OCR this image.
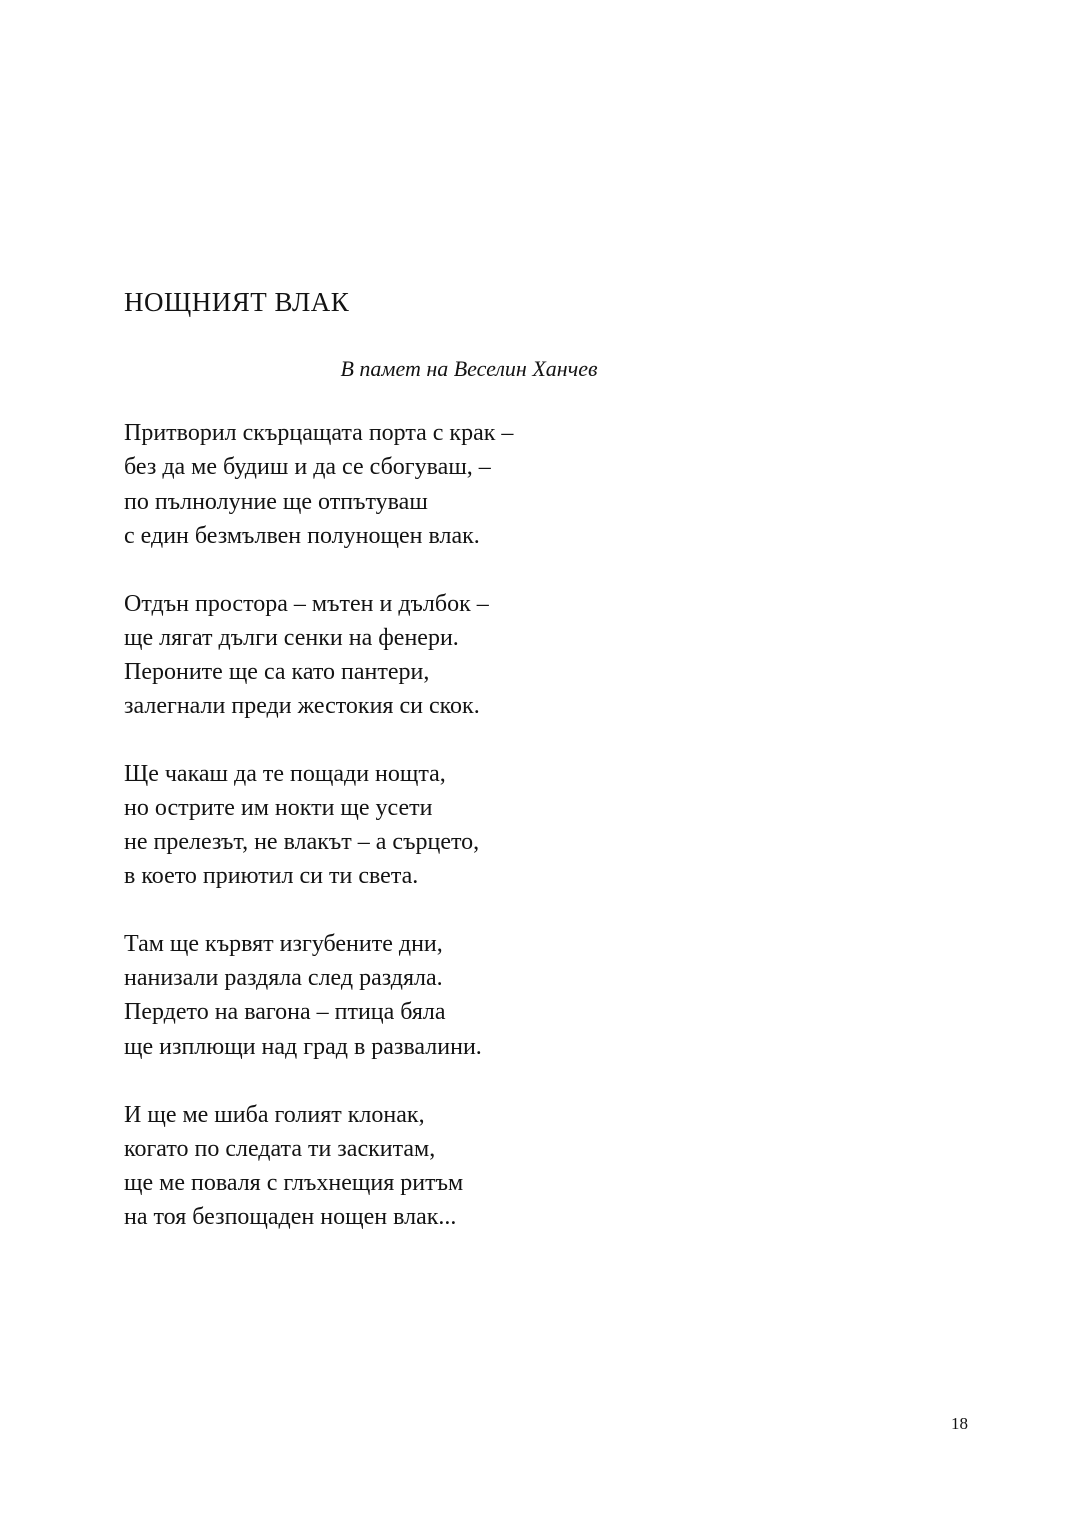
НОЩНИЯТ ВЛАК
В памет на Веселин Ханчев
Притворил скърцащата порта с крак –
без да ме будиш и да се сбогуваш, –
по пълнолуние ще отпътуваш
с един безмълвен полунощен влак.
Отдън простора – мътен и дълбок –
ще лягат дълги сенки на фенери.
Пероните ще са като пантери,
залегнали преди жестокия си скок.
Ще чакаш да те пощади нощта,
но острите им нокти ще усети
не прелезът, не влакът – а сърцето,
в което приютил си ти света.
Там ще кървят изгубените дни,
нанизали раздяла след раздяла.
Пердето на вагона – птица бяла
ще изплющи над град в развалини.
И ще ме шиба голият клонак,
когато по следата ти заскитам,
ще ме поваля с глъхнещия ритъм
на тоя безпощаден нощен влак...
18
